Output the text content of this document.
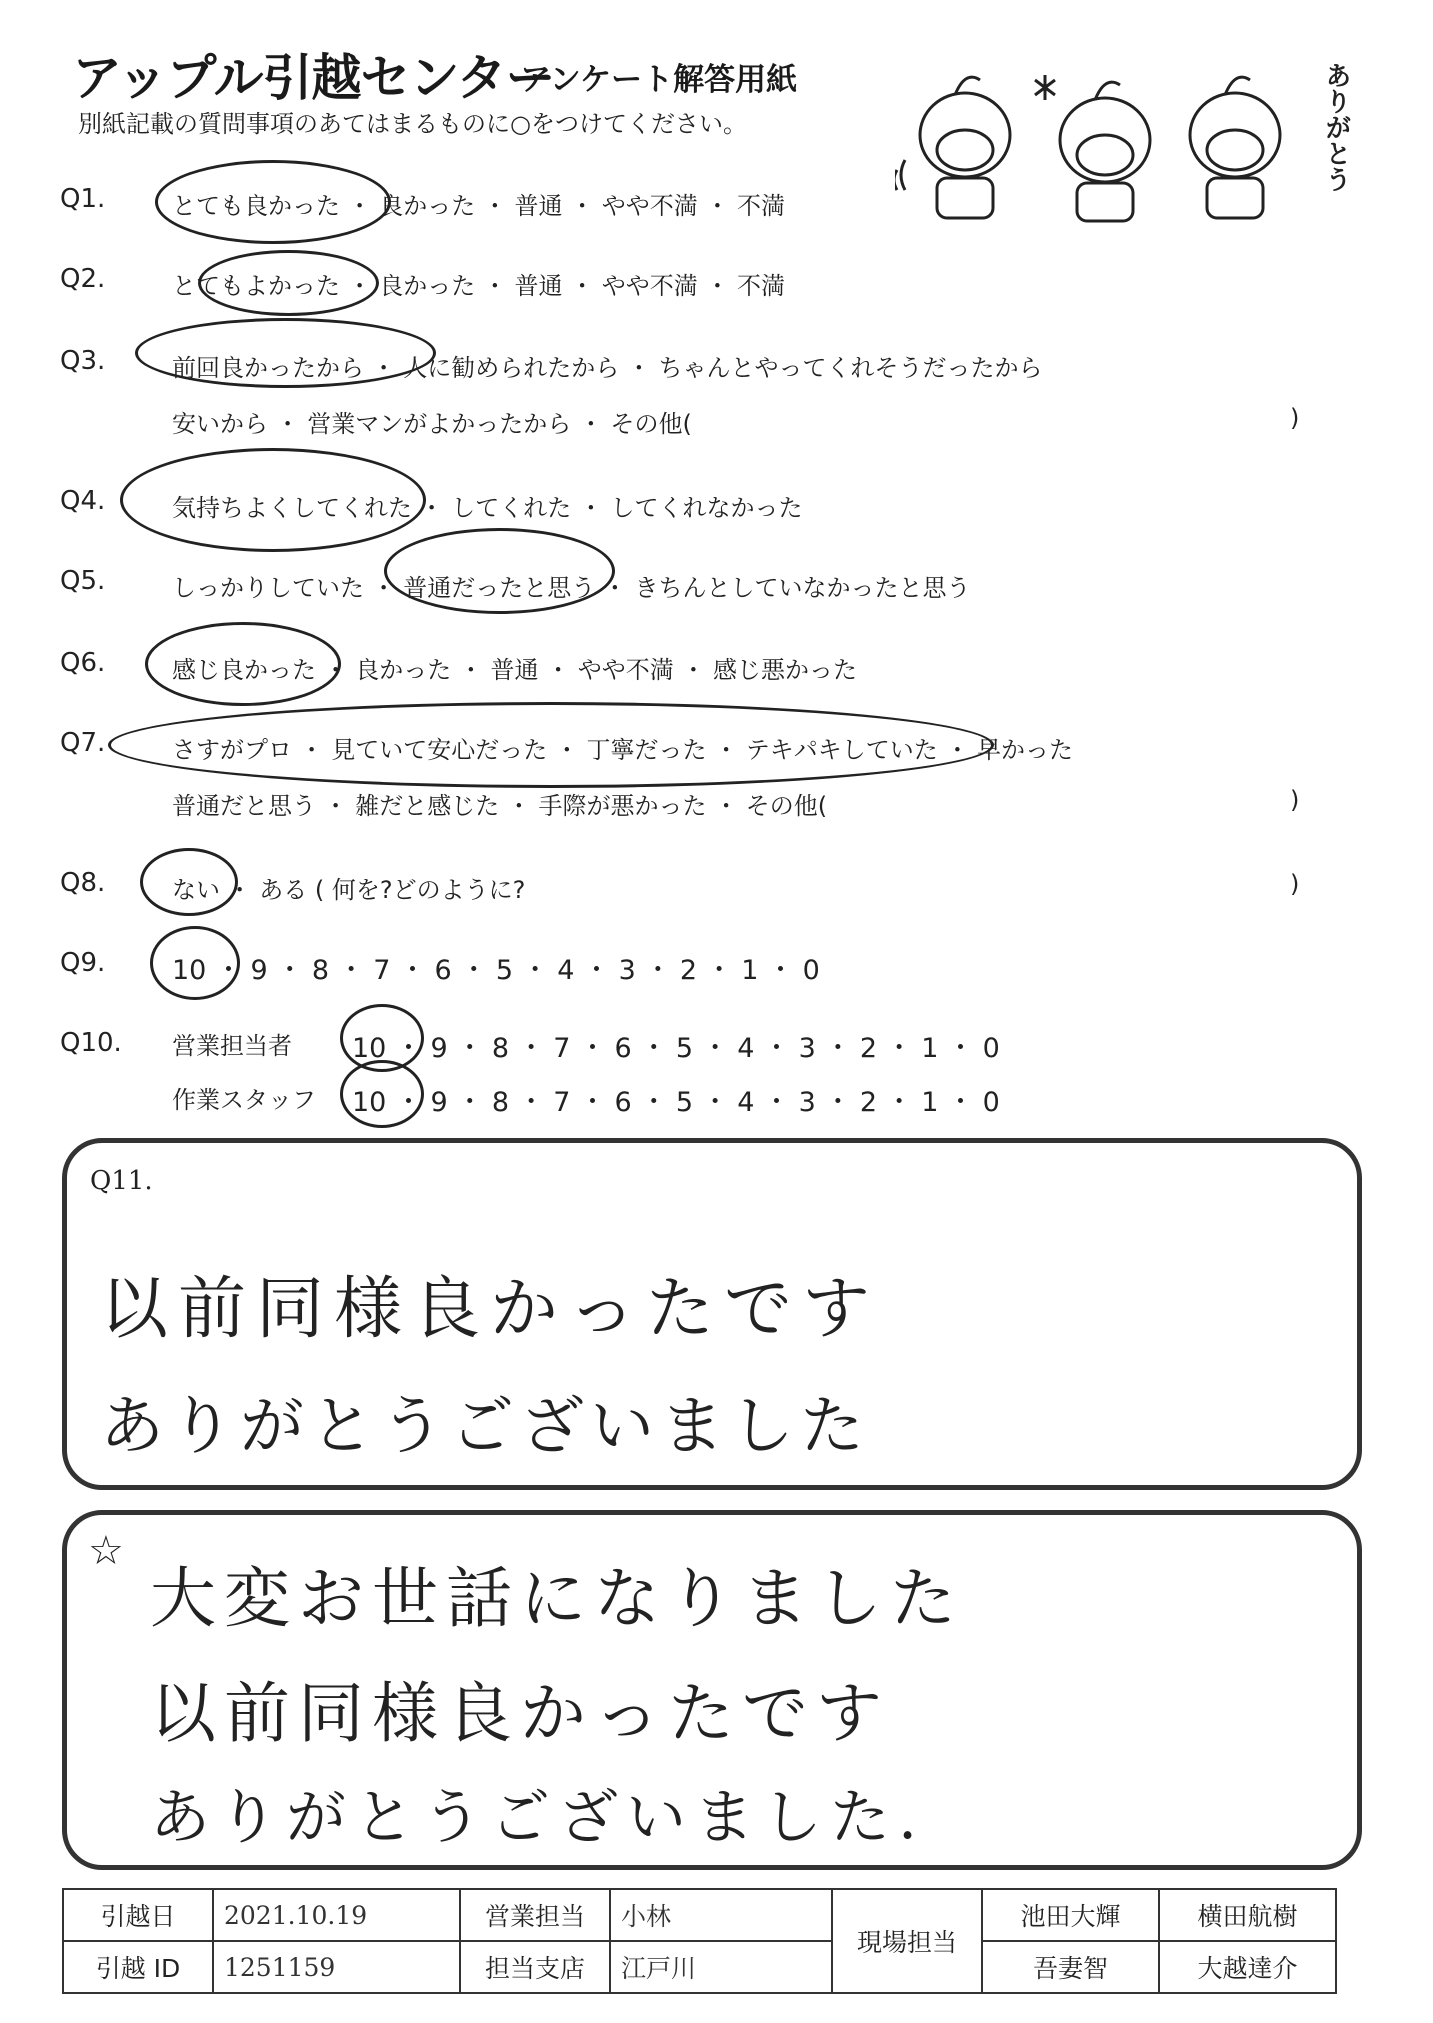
アップル引越センター
アンケート解答用紙
別紙記載の質問事項のあてはまるものに○をつけてください。	ありがとう
Q1.	とても良かった ・ 良かった ・ 普通 ・ やや不満 ・ 不満
Q2.	とてもよかった ・ 良かった ・ 普通 ・ やや不満 ・ 不満
Q3.	前回良かったから ・ 人に勧められたから ・ ちゃんとやってくれそうだったから
安いから ・ 営業マンがよかったから ・ その他(	)
Q4.	気持ちよくしてくれた ・ してくれた ・ してくれなかった
Q5.	しっかりしていた ・ 普通だったと思う ・ きちんとしていなかったと思う
Q6.	感じ良かった ・ 良かった ・ 普通 ・ やや不満 ・ 感じ悪かった
Q7.	さすがプロ ・ 見ていて安心だった ・ 丁寧だった ・ テキパキしていた ・ 早かった
普通だと思う ・ 雑だと感じた ・ 手際が悪かった ・ その他(	)
Q8.	ない ・ ある ( 何を?どのように?	)
Q9. 10 ・ 9 ・ 8 ・ 7 ・ 6 ・ 5 ・ 4 ・ 3 ・ 2 ・ 1 ・ 0
Q10. 営業担当者 10 ・ 9 ・ 8 ・ 7 ・ 6 ・ 5 ・ 4 ・ 3 ・ 2 ・ 1 ・ 0
作業スタッフ 10 ・ 9 ・ 8 ・ 7 ・ 6 ・ 5 ・ 4 ・ 3 ・ 2 ・ 1 ・ 0
Q11.
以前同様良かったです
ありがとうございました
☆
大変お世話になりました
以前同様良かったです
ありがとうございました.
引越日	2021.10.19	営業担当	小林	現場担当	池田大輝	横田航樹
引越 ID	1251159	担当支店	江戸川		吾妻智	大越達介
